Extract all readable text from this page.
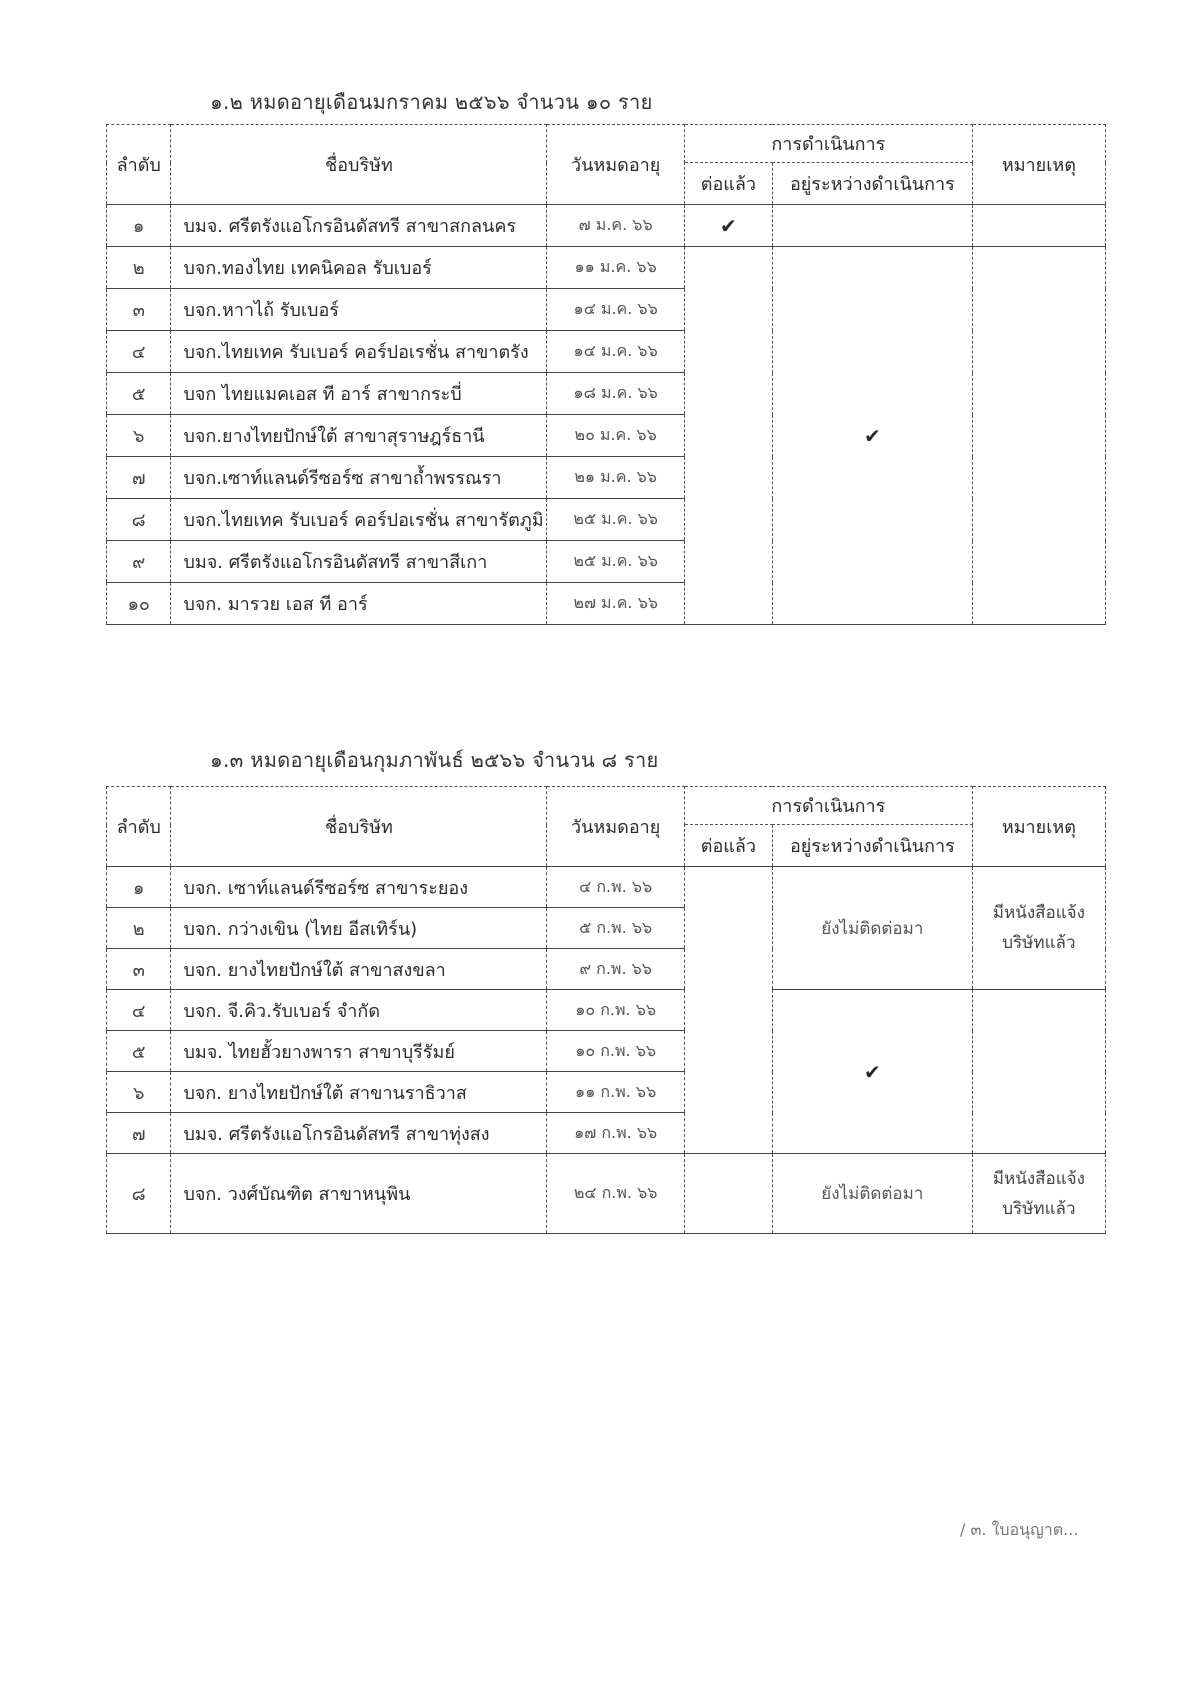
๑.๒ หมดอายุเดือนมกราคม ๒๕๖๖ จำนวน ๑๐ ราย
ลำดับ	ชื่อบริษัท	วันหมดอายุ	การดำเนินการ		หมายเหตุ
			ต่อแล้ว	อยู่ระหว่างดำเนินการ	
๑	บมจ. ศรีตรังแอโกรอินดัสทรี สาขาสกลนคร	๗ ม.ค. ๖๖	✔		
๒	บจก.ทองไทย เทคนิคอล รับเบอร์	๑๑ ม.ค. ๖๖		✔	
๓	บจก.หาาไถ้ รับเบอร์	๑๔ ม.ค. ๖๖			
๔	บจก.ไทยเทค รับเบอร์ คอร์ปอเรชั่น สาขาตรัง	๑๔ ม.ค. ๖๖			
๕	บจก ไทยแมคเอส ที อาร์ สาขากระบี่	๑๘ ม.ค. ๖๖			
๖	บจก.ยางไทยปักษ์ใต้ สาขาสุราษฎร์ธานี	๒๐ ม.ค. ๖๖			
๗	บจก.เซาท์แลนด์รีซอร์ซ สาขาถ้ำพรรณรา	๒๑ ม.ค. ๖๖			
๘	บจก.ไทยเทค รับเบอร์ คอร์ปอเรชั่น สาขารัตภูมิ	๒๕ ม.ค. ๖๖			
๙	บมจ. ศรีตรังแอโกรอินดัสทรี สาขาสีเกา	๒๕ ม.ค. ๖๖			
๑๐	บจก. มารวย เอส ที อาร์	๒๗ ม.ค. ๖๖			
๑.๓ หมดอายุเดือนกุมภาพันธ์ ๒๕๖๖ จำนวน ๘ ราย
ลำดับ	ชื่อบริษัท	วันหมดอายุ	การดำเนินการ		หมายเหตุ
			ต่อแล้ว	อยู่ระหว่างดำเนินการ	
๑	บจก. เซาท์แลนด์รีซอร์ซ สาขาระยอง	๔ ก.พ. ๖๖		ยังไม่ติดต่อมา	มีหนังสือแจ้ง บริษัทแล้ว
๒	บจก. กว่างเขิน (ไทย อีสเทิร์น)	๕ ก.พ. ๖๖			
๓	บจก. ยางไทยปักษ์ใต้ สาขาสงขลา	๙ ก.พ. ๖๖			
๔	บจก. จี.คิว.รับเบอร์ จำกัด	๑๐ ก.พ. ๖๖		✔	
๕	บมจ. ไทยฮั้วยางพารา สาขาบุรีรัมย์	๑๐ ก.พ. ๖๖			
๖	บจก. ยางไทยปักษ์ใต้ สาขานราธิวาส	๑๑ ก.พ. ๖๖			
๗	บมจ. ศรีตรังแอโกรอินดัสทรี สาขาทุ่งสง	๑๗ ก.พ. ๖๖			
๘	บจก. วงศ์บัณฑิต สาขาหนุพิน	๒๔ ก.พ. ๖๖		ยังไม่ติดต่อมา	มีหนังสือแจ้ง บริษัทแล้ว
/ ๓. ใบอนุญาต...
